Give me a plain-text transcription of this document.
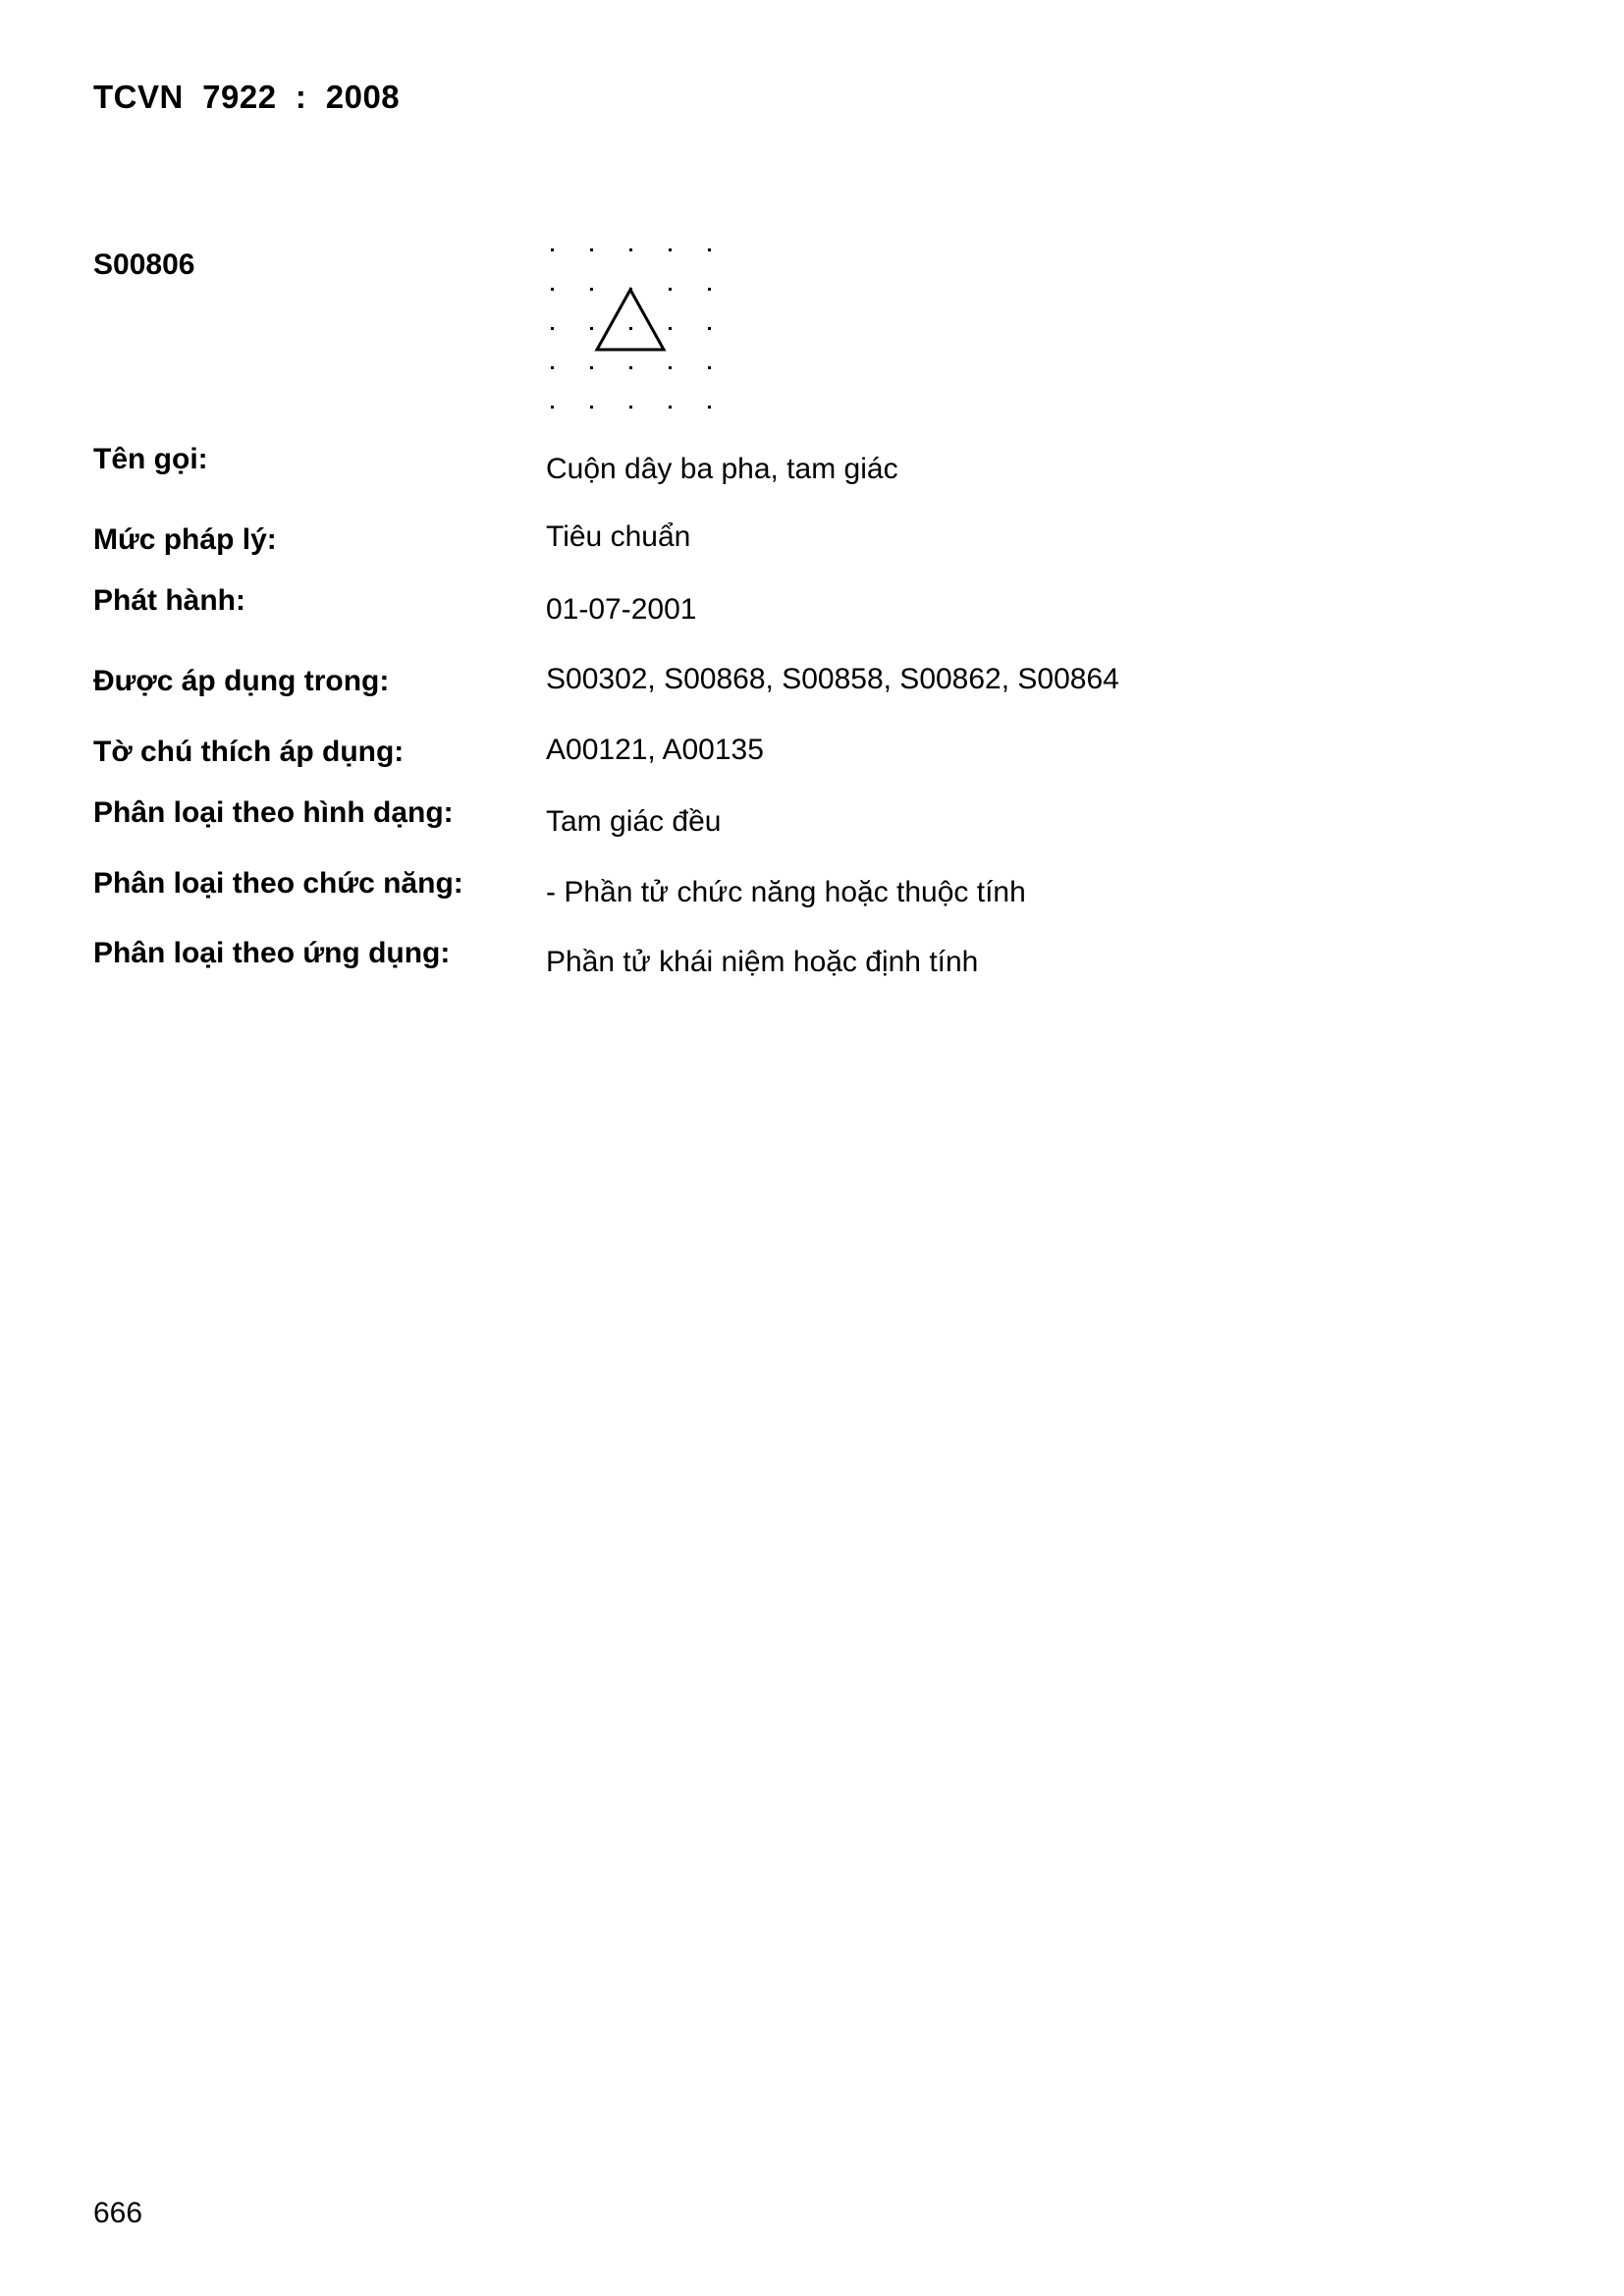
TCVN  7922  :  2008
S00806
Tên gọi:	Cuộn dây ba pha, tam giác
Mức pháp lý:	Tiêu chuẩn
Phát hành:	01-07-2001
Được áp dụng trong:	S00302, S00868, S00858, S00862, S00864
Tờ chú thích áp dụng:	A00121, A00135
Phân loại theo hình dạng:	Tam giác đều
Phân loại theo chức năng:	- Phần tử chức năng hoặc thuộc tính
Phân loại theo ứng dụng:	Phần tử khái niệm hoặc định tính
666
